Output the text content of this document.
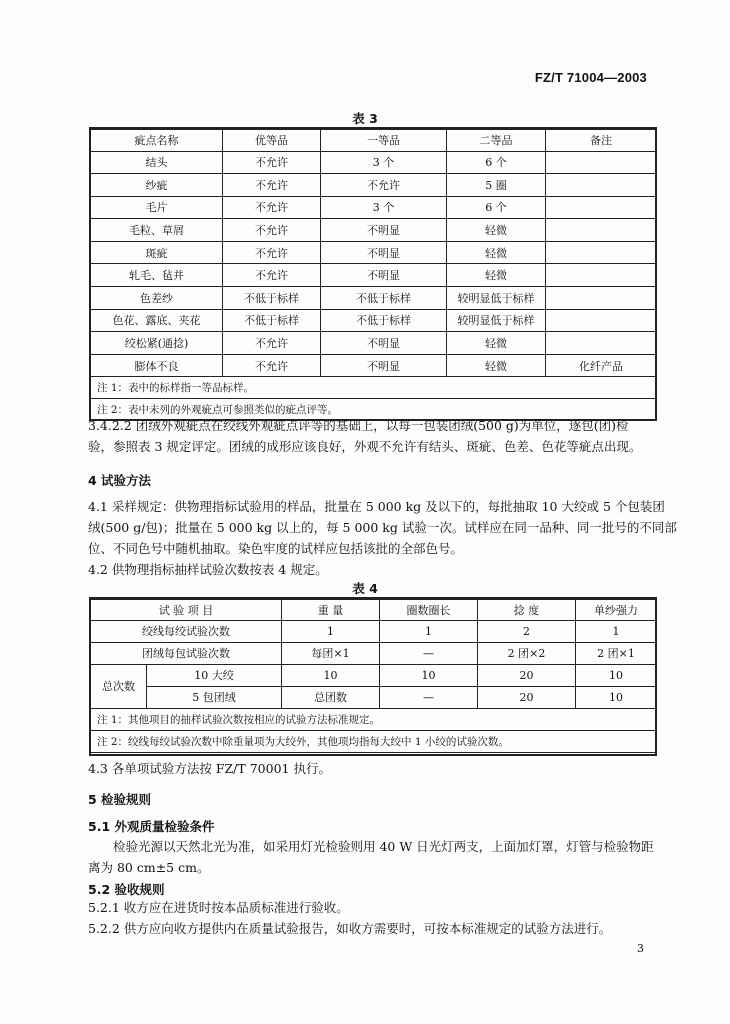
FZ/T 71004—2003
表 3
疵点名称	优等品	一等品	二等品	备注
结头	不允许	3 个	6 个	
纱疵	不允许	不允许	5 圈	
毛片	不允许	3 个	6 个	
毛粒、草屑	不允许	不明显	轻微	
斑疵	不允许	不明显	轻微	
轧毛、毡并	不允许	不明显	轻微	
色差纱	不低于标样	不低于标样	较明显低于标样	
色花、露底、夹花	不低于标样	不低于标样	较明显低于标样	
绞松紧(通捻)	不允许	不明显	轻微	
膨体不良	不允许	不明显	轻微	化纤产品
注 1：表中的标样指一等品标样。				
注 2：表中未列的外观疵点可参照类似的疵点评等。				
3.4.2.2 团绒外观疵点在绞线外观疵点评等的基础上，以每一包装团绒(500 g)为单位，逐包(团)检
验，参照表 3 规定评定。团绒的成形应该良好，外观不允许有结头、斑疵、色差、色花等疵点出现。
4 试验方法
4.1 采样规定：供物理指标试验用的样品，批量在 5 000 kg 及以下的，每批抽取 10 大绞或 5 个包装团
绒(500 g/包)；批量在 5 000 kg 以上的，每 5 000 kg 试验一次。试样应在同一品种、同一批号的不同部
位、不同色号中随机抽取。染色牢度的试样应包括该批的全部色号。
4.2 供物理指标抽样试验次数按表 4 规定。
表 4
试 验 项 目		重 量	圈数圈长	捻 度	单纱强力
绞线每绞试验次数		1	1	2	1
团绒每包试验次数		每团×1	—	2 团×2	2 团×1
总次数	10 大绞	10	10	20	10
	5 包团绒	总团数	—	20	10
注 1：其他项目的抽样试验次数按相应的试验方法标准规定。					
注 2：绞线每绞试验次数中除重量项为大绞外，其他项均指每大绞中 1 小绞的试验次数。					
4.3 各单项试验方法按 FZ/T 70001 执行。
5 检验规则
5.1 外观质量检验条件
检验光源以天然北光为准，如采用灯光检验则用 40 W 日光灯两支，上面加灯罩，灯管与检验物距
离为 80 cm±5 cm。
5.2 验收规则
5.2.1 收方应在进货时按本品质标准进行验收。
5.2.2 供方应向收方提供内在质量试验报告，如收方需要时，可按本标准规定的试验方法进行。
3
